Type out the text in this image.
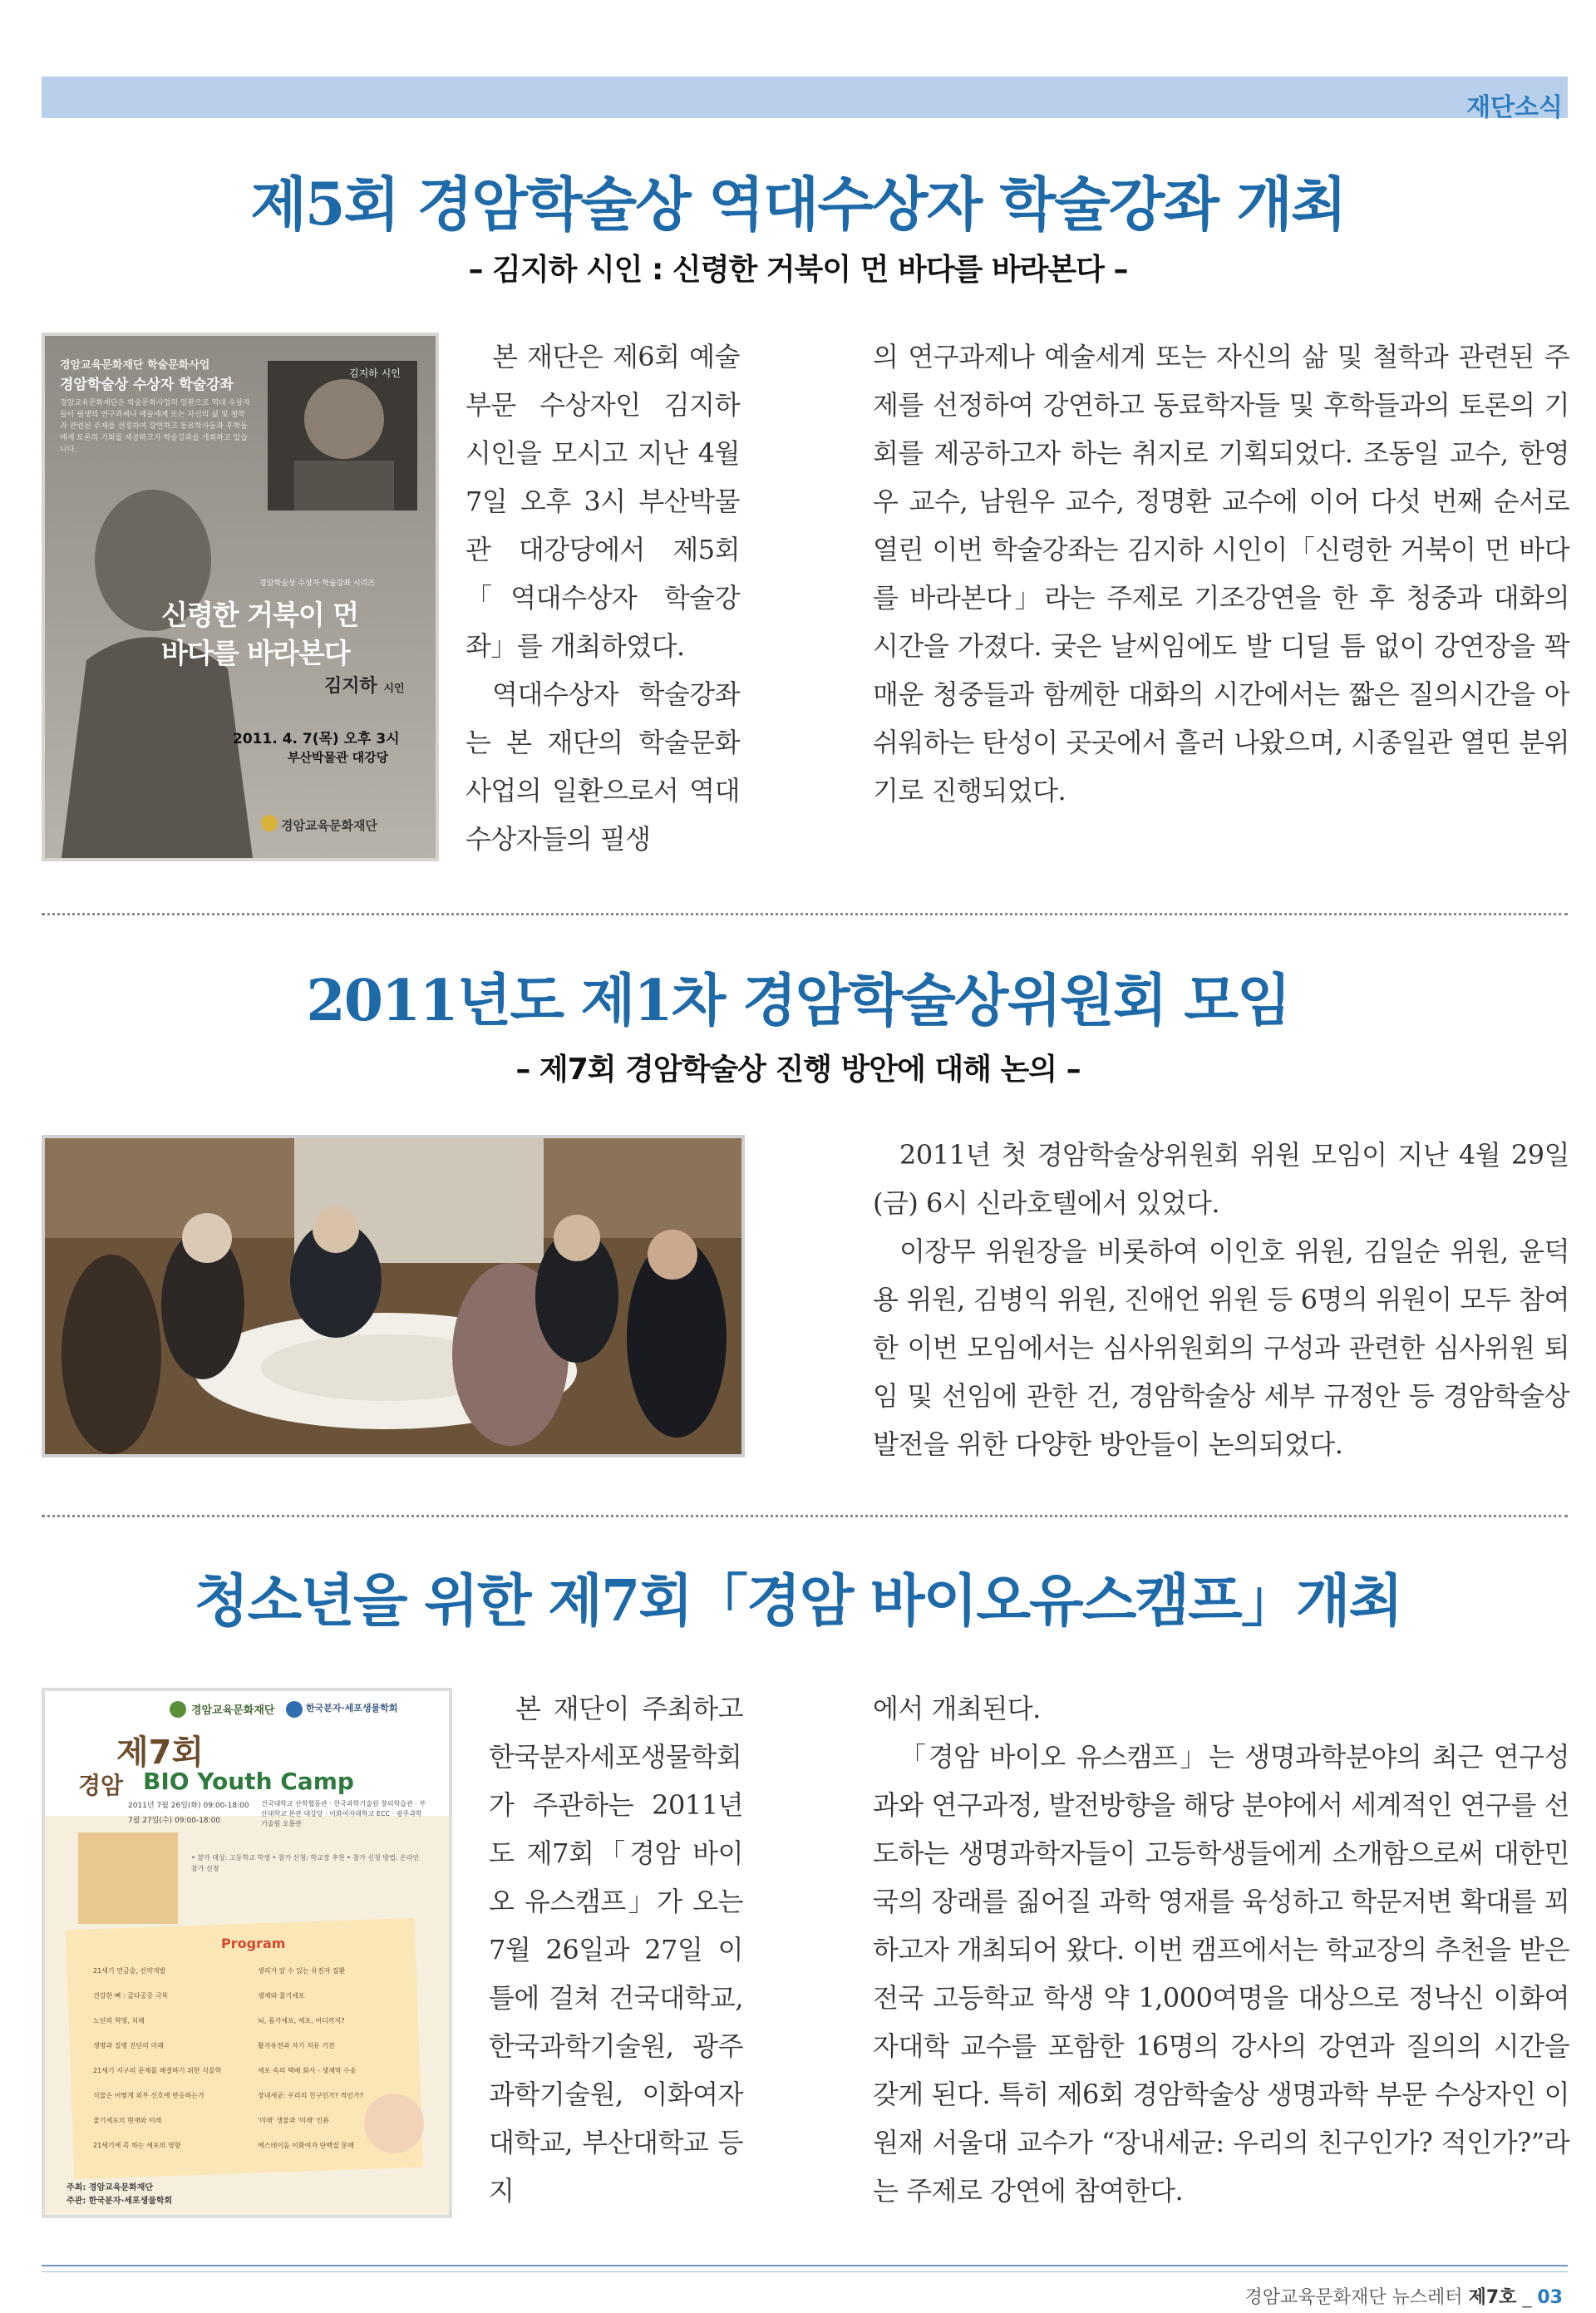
재단소식
제5회 경암학술상 역대수상자 학술강좌 개최
– 김지하 시인 : 신령한 거북이 먼 바다를 바라본다 –
경암교육문화재단 학술문화사업
경암학술상 수상자 학술강좌
경암교육문화재단은 학술문화사업의 일환으로 역대 수상자들이 필생의 연구과제나 예술세계 또는 자신의 삶 및 철학과 관련된 주제를 선정하여 강연하고 동료학자들과 후학들에게 토론의 기회를 제공하고자 학술강좌를 개최하고 있습니다.
김지하 시인
경암학술상 수상자 학술강좌 시리즈
신령한 거북이 먼
바다를 바라본다
김지하 시인
2011. 4. 7(목) 오후 3시
부산박물관 대강당
경암교육문화재단

본 재단은 제6회 예술 부문 수상자인 김지하 시인을 모시고 지난 4월 7일 오후 3시 부산박물관 대강당에서 제5회「역대수상자 학술강좌」를 개최하였다.

역대수상자 학술강좌는 본 재단의 학술문화사업의 일환으로서 역대수상자들의 필생

의 연구과제나 예술세계 또는 자신의 삶 및 철학과 관련된 주제를 선정하여 강연하고 동료학자들 및 후학들과의 토론의 기회를 제공하고자 하는 취지로 기획되었다. 조동일 교수, 한영우 교수, 남원우 교수, 정명환 교수에 이어 다섯 번째 순서로 열린 이번 학술강좌는 김지하 시인이「신령한 거북이 먼 바다를 바라본다」라는 주제로 기조강연을 한 후 청중과 대화의 시간을 가졌다. 궂은 날씨임에도 발 디딜 틈 없이 강연장을 꽉 매운 청중들과 함께한 대화의 시간에서는 짧은 질의시간을 아쉬워하는 탄성이 곳곳에서 흘러 나왔으며, 시종일관 열띤 분위기로 진행되었다.

2011년도 제1차 경암학술상위원회 모임
– 제7회 경암학술상 진행 방안에 대해 논의 –

2011년 첫 경암학술상위원회 위원 모임이 지난 4월 29일(금) 6시 신라호텔에서 있었다.

이장무 위원장을 비롯하여 이인호 위원, 김일순 위원, 윤덕용 위원, 김병익 위원, 진애언 위원 등 6명의 위원이 모두 참여한 이번 모임에서는 심사위원회의 구성과 관련한 심사위원 퇴임 및 선임에 관한 건, 경암학술상 세부 규정안 등 경암학술상 발전을 위한 다양한 방안들이 논의되었다.

청소년을 위한 제7회「경암 바이오유스캠프」개최
경암교육문화재단	한국분자·세포생물학회
제7회
경암 BIO Youth Camp
2011년 7월 26일(화) 09:00-18:00
7월 27일(수) 09:00-18:00
건국대학교 산학협동관 · 한국과학기술원 창의학습관 · 부산대학교 본관 대강당 · 이화여자대학교 ECC · 광주과학기술원 오룡관
• 참가 대상: 고등학교 학생 • 참가 신청: 학교장 추천 • 참가 신청 방법: 온라인 참가 신청
Program
21세기 연금술, 신약개발
건강한 뼈 : 골다공증 극복
노년의 혁명, 치매
생명과 질병 진단의 미래
21세기 지구의 문제를 해결하기 위한 식물학
식물은 어떻게 외부 신호에 반응하는가
줄기세포의 현재와 미래
21세기에 꼭 하는 세포의 영향
생리가 앞 수 있는 유전자 질환
생체와 줄기세포
뇌, 몸가세포, 세포, 어디까지?
활자유전과 자기 치유 기전
세포 속의 택배 회사 - 생체막 수송
장내세균: 우리의 친구인가? 적인가?
'미래' 생물과 '미래' 인류
에스테이돌 이화여자 단백질 분해
주최: 경암교육문화재단
주관: 한국분자·세포생물학회

본 재단이 주최하고 한국분자세포생물학회가 주관하는 2011년도 제7회「경암 바이오 유스캠프」가 오는 7월 26일과 27일 이틀에 걸쳐 건국대학교, 한국과학기술원, 광주과학기술원, 이화여자대학교, 부산대학교 등지

에서 개최된다.

「경암 바이오 유스캠프」는 생명과학분야의 최근 연구성과와 연구과정, 발전방향을 해당 분야에서 세계적인 연구를 선도하는 생명과학자들이 고등학생들에게 소개함으로써 대한민국의 장래를 짊어질 과학 영재를 육성하고 학문저변 확대를 꾀하고자 개최되어 왔다. 이번 캠프에서는 학교장의 추천을 받은 전국 고등학교 학생 약 1,000여명을 대상으로 정낙신 이화여자대학 교수를 포함한 16명의 강사의 강연과 질의의 시간을 갖게 된다. 특히 제6회 경암학술상 생명과학 부문 수상자인 이원재 서울대 교수가 “장내세균: 우리의 친구인가? 적인가?”라는 주제로 강연에 참여한다.

경암교육문화재단 뉴스레터 제7호 _ 03
